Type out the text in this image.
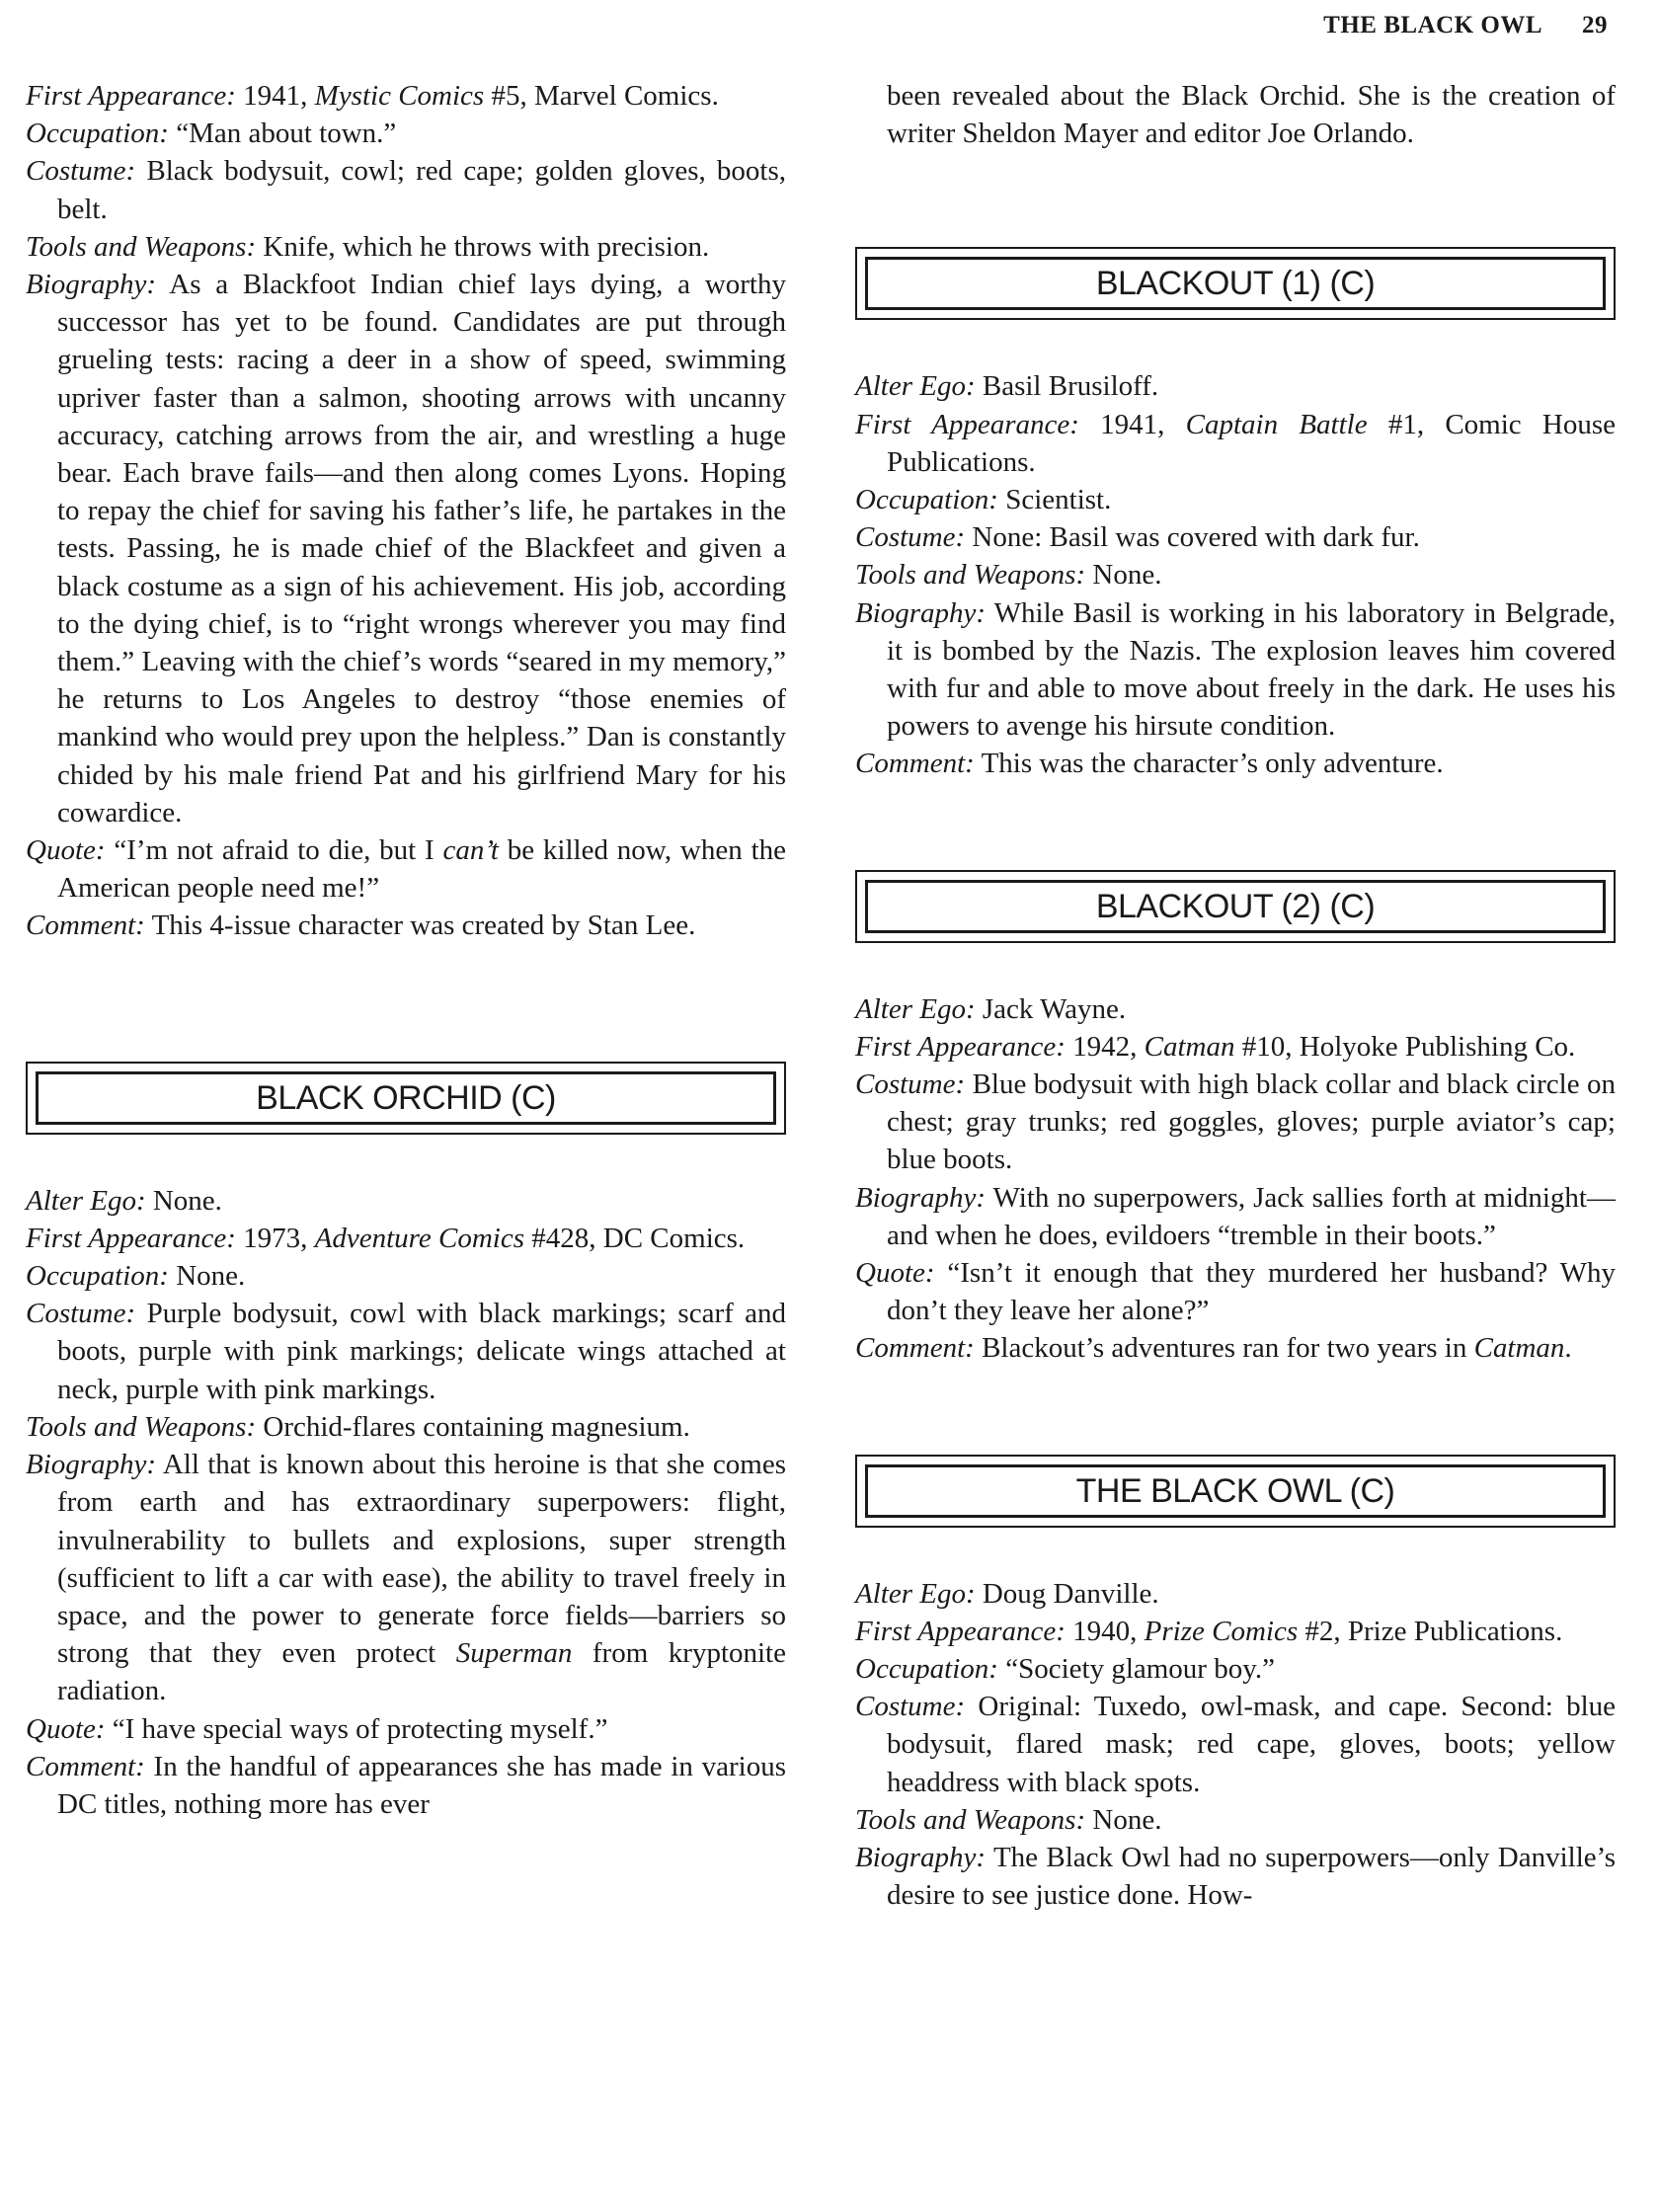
THE BLACK OWL 29

First Appearance: 1941, Mystic Comics #5, Marvel Comics.

Occupation: “Man about town.”

Costume: Black bodysuit, cowl; red cape; golden gloves, boots, belt.

Tools and Weapons: Knife, which he throws with precision.

Biography: As a Blackfoot Indian chief lays dying, a worthy successor has yet to be found. Candidates are put through grueling tests: racing a deer in a show of speed, swimming upriver faster than a salmon, shooting arrows with uncanny accuracy, catching arrows from the air, and wrestling a huge bear. Each brave fails—and then along comes Lyons. Hoping to repay the chief for saving his father’s life, he partakes in the tests. Passing, he is made chief of the Blackfeet and given a black costume as a sign of his achievement. His job, according to the dying chief, is to “right wrongs wherever you may find them.” Leaving with the chief’s words “seared in my memory,” he returns to Los Angeles to destroy “those enemies of mankind who would prey upon the helpless.” Dan is constantly chided by his male friend Pat and his girlfriend Mary for his cowardice.

Quote: “I’m not afraid to die, but I can’t be killed now, when the American people need me!”

Comment: This 4-issue character was created by Stan Lee.

BLACK ORCHID (C)

Alter Ego: None.

First Appearance: 1973, Adventure Comics #428, DC Comics.

Occupation: None.

Costume: Purple bodysuit, cowl with black markings; scarf and boots, purple with pink markings; delicate wings attached at neck, purple with pink markings.

Tools and Weapons: Orchid-flares containing magnesium.

Biography: All that is known about this heroine is that she comes from earth and has extraordinary superpowers: flight, invulnerability to bullets and explosions, super strength (sufficient to lift a car with ease), the ability to travel freely in space, and the power to generate force fields—barriers so strong that they even protect Superman from kryptonite radiation.

Quote: “I have special ways of protecting myself.”

Comment: In the handful of appearances she has made in various DC titles, nothing more has ever

been revealed about the Black Orchid. She is the creation of writer Sheldon Mayer and editor Joe Orlando.

BLACKOUT (1) (C)

Alter Ego: Basil Brusiloff.

First Appearance: 1941, Captain Battle #1, Comic House Publications.

Occupation: Scientist.

Costume: None: Basil was covered with dark fur.

Tools and Weapons: None.

Biography: While Basil is working in his laboratory in Belgrade, it is bombed by the Nazis. The explosion leaves him covered with fur and able to move about freely in the dark. He uses his powers to avenge his hirsute condition.

Comment: This was the character’s only adventure.

BLACKOUT (2) (C)

Alter Ego: Jack Wayne.

First Appearance: 1942, Catman #10, Holyoke Publishing Co.

Costume: Blue bodysuit with high black collar and black circle on chest; gray trunks; red goggles, gloves; purple aviator’s cap; blue boots.

Biography: With no superpowers, Jack sallies forth at midnight—and when he does, evildoers “tremble in their boots.”

Quote: “Isn’t it enough that they murdered her husband? Why don’t they leave her alone?”

Comment: Blackout’s adventures ran for two years in Catman.

THE BLACK OWL (C)

Alter Ego: Doug Danville.

First Appearance: 1940, Prize Comics #2, Prize Publications.

Occupation: “Society glamour boy.”

Costume: Original: Tuxedo, owl-mask, and cape. Second: blue bodysuit, flared mask; red cape, gloves, boots; yellow headdress with black spots.

Tools and Weapons: None.

Biography: The Black Owl had no superpowers—only Danville’s desire to see justice done. How-
